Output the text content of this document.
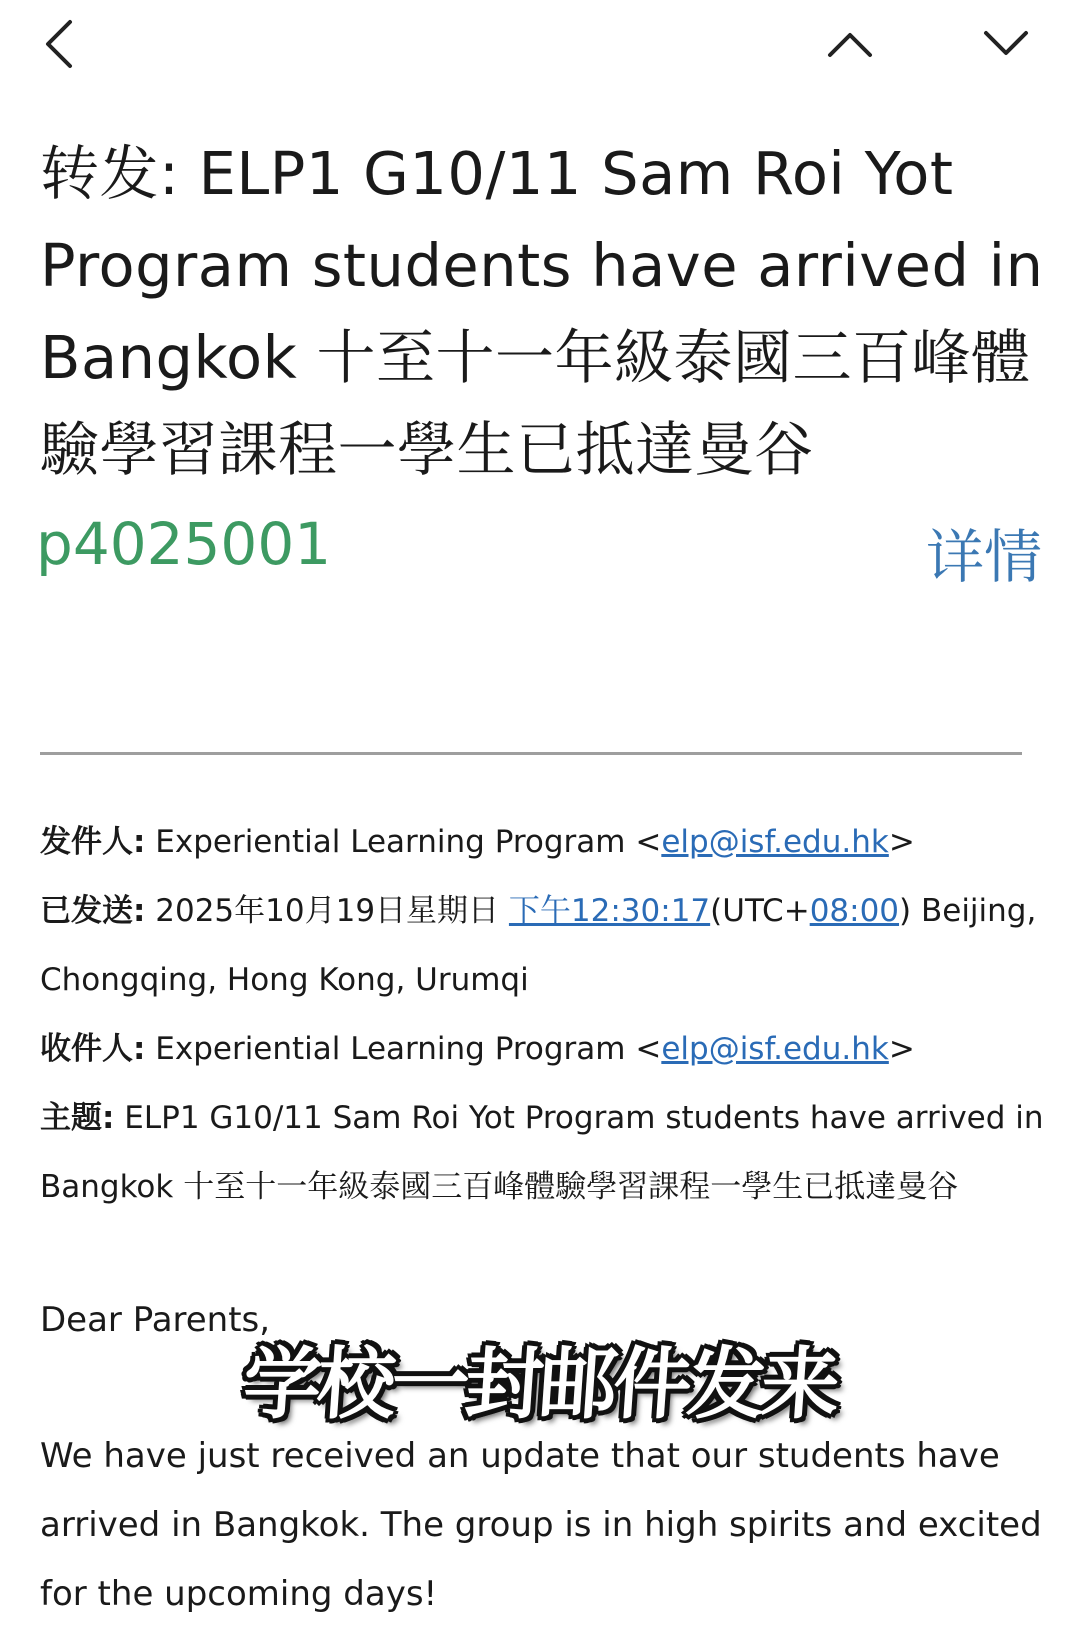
转发: ELP1 G10/11 Sam Roi Yot Program students have arrived in Bangkok 十至十一年級泰國三百峰體驗學習課程一學生已抵達曼谷
p4025001	详情
发件人: Experiential Learning Program <elp@isf.edu.hk>
已发送: 2025年10月19日星期日 下午12:30:17(UTC+08:00) Beijing, Chongqing, Hong Kong, Urumqi
收件人: Experiential Learning Program <elp@isf.edu.hk>
主题: ELP1 G10/11 Sam Roi Yot Program students have arrived in Bangkok 十至十一年級泰國三百峰體驗學習課程一學生已抵達曼谷
Dear Parents,
We have just received an update that our students have arrived in Bangkok. The group is in high spirits and excited for the upcoming days!
学校一封邮件发来
